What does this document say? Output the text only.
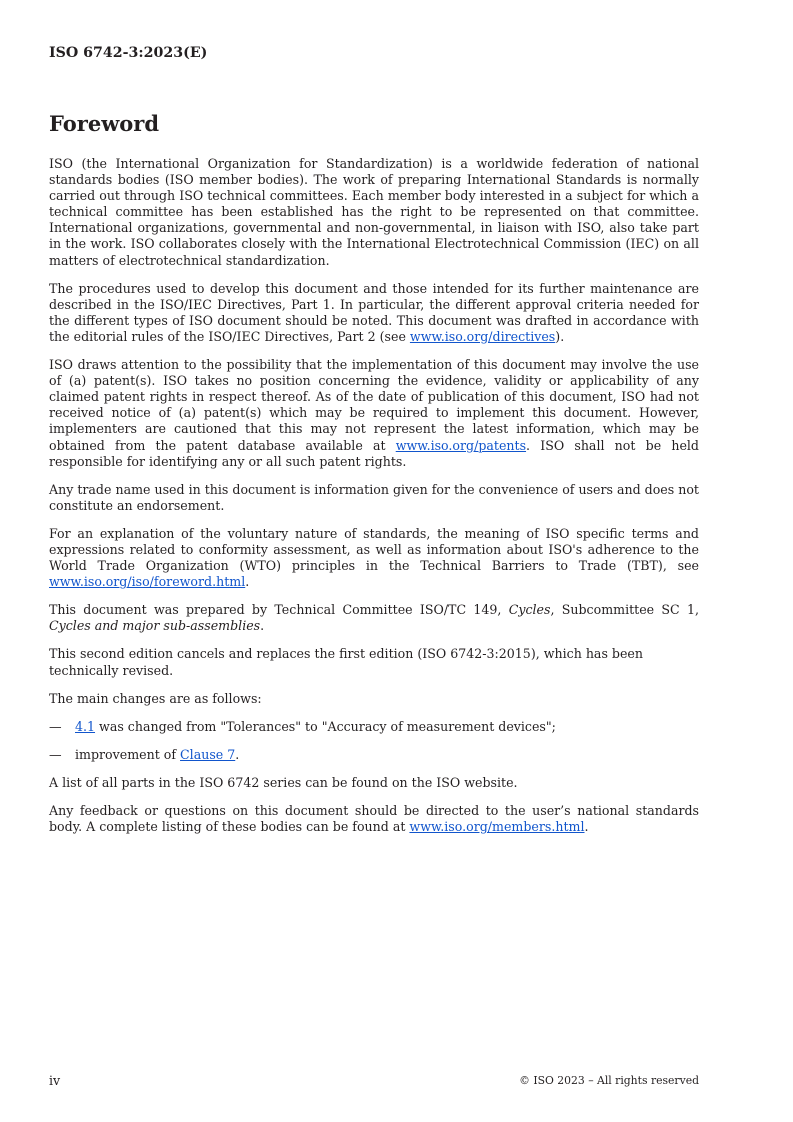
ISO 6742-3:2023(E)
Foreword

ISO (the International Organization for Standardization) is a worldwide federation of national standards bodies (ISO member bodies). The work of preparing International Standards is normally carried out through ISO technical committees. Each member body interested in a subject for which a technical committee has been established has the right to be represented on that committee. International organizations, governmental and non-governmental, in liaison with ISO, also take part in the work. ISO collaborates closely with the International Electrotechnical Commission (IEC) on all matters of electrotechnical standardization.

The procedures used to develop this document and those intended for its further maintenance are described in the ISO/IEC Directives, Part 1. In particular, the different approval criteria needed for the different types of ISO document should be noted. This document was drafted in accordance with the editorial rules of the ISO/IEC Directives, Part 2 (see www.iso.org/directives).

ISO draws attention to the possibility that the implementation of this document may involve the use of (a) patent(s). ISO takes no position concerning the evidence, validity or applicability of any claimed patent rights in respect thereof. As of the date of publication of this document, ISO had not received notice of (a) patent(s) which may be required to implement this document. However, implementers are cautioned that this may not represent the latest information, which may be obtained from the patent database available at www.iso.org/patents. ISO shall not be held responsible for identifying any or all such patent rights.

Any trade name used in this document is information given for the convenience of users and does not constitute an endorsement.

For an explanation of the voluntary nature of standards, the meaning of ISO specific terms and expressions related to conformity assessment, as well as information about ISO's adherence to the World Trade Organization (WTO) principles in the Technical Barriers to Trade (TBT), see www.iso.org/iso/foreword.html.

This document was prepared by Technical Committee ISO/TC 149, Cycles, Subcommittee SC 1, Cycles and major sub-assemblies.

This second edition cancels and replaces the first edition (ISO 6742-3:2015), which has been technically revised.

The main changes are as follows:

—	4.1 was changed from "Tolerances" to "Accuracy of measurement devices";
—	improvement of Clause 7.

A list of all parts in the ISO 6742 series can be found on the ISO website.

Any feedback or questions on this document should be directed to the user’s national standards body. A complete listing of these bodies can be found at www.iso.org/members.html.

iv	© ISO 2023 – All rights reserved
